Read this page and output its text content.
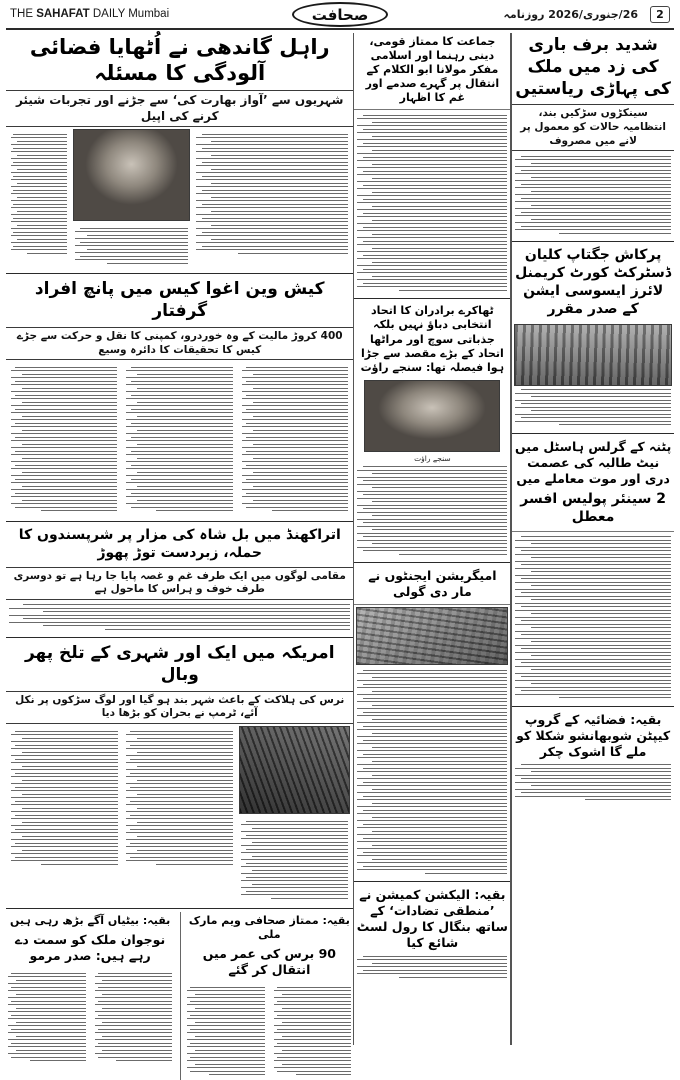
2
26/جنوری/2026 روزنامہ
صحافت
THE SAHAFAT DAILY Mumbai
شدید برف باری کی زد میں ملک کی پہاڑی ریاستیں
سینکڑوں سڑکیں بند، انتظامیہ حالات کو معمول پر لانے میں مصروف
پرکاش جگتاپ کلیان ڈسٹرکٹ کورٹ کریمنل لائرز ایسوسی ایشن کے صدر مقرر
پٹنہ کے گرلس ہاسٹل میں نیٹ طالبہ کی عصمت دری اور موت معاملے میں
2 سینئر پولیس افسر معطل
بقیہ: فضائیہ کے گروپ کیپٹن شوبھانشو شکلا کو ملے گا اشوک چکر
جماعت کا ممتاز قومی، دینی رہنما اور اسلامی مفکر مولانا ابو الکلام کے انتقال پر گہرے صدمے اور غم کا اظہار
ٹھاکرے برادران کا اتحاد انتخابی دباؤ نہیں بلکہ جذباتی سوچ اور مراٹھا اتحاد کے بڑے مقصد سے جڑا ہوا فیصلہ تھا: سنجے راؤت
سنجے راؤت
امیگریشن ایجنٹوں نے مار دی گولی
بقیہ: الیکشن کمیشن نے ’منطقی تضادات‘ کے ساتھ بنگال کا رول لسٹ شائع کیا
راہل گاندھی نے اُٹھایا فضائی آلودگی کا مسئلہ
شہریوں سے ’آواز بھارت کی‘ سے جڑنے اور تجربات شیئر کرنے کی اپیل
کیش وین اغوا کیس میں پانچ افراد گرفتار
400 کروڑ مالیت کے وہ خوردرو، کمپنی کا نقل و حرکت سے جڑے کیس کا تحقیقات کا دائرہ وسیع
اتراکھنڈ میں بل شاہ کی مزار پر شرپسندوں کا حملہ، زبردست توڑ پھوڑ
مقامی لوگوں میں ایک طرف غم و غصہ پایا جا رہا ہے تو دوسری طرف خوف و ہراس کا ماحول ہے
امریکہ میں ایک اور شہری کے تلخ پھر وبال
نرس کی ہلاکت کے باعث شہر بند ہو گیا اور لوگ سڑکوں پر نکل آئے، ٹرمپ نے بحران کو بڑھا دیا
بقیہ: ممتاز صحافی ویم مارک ملی
90 برس کی عمر میں انتقال کر گئے
بقیہ: بیٹیاں آگے بڑھ رہی ہیں
نوجوان ملک کو سمت دے رہے ہیں: صدر مرمو
